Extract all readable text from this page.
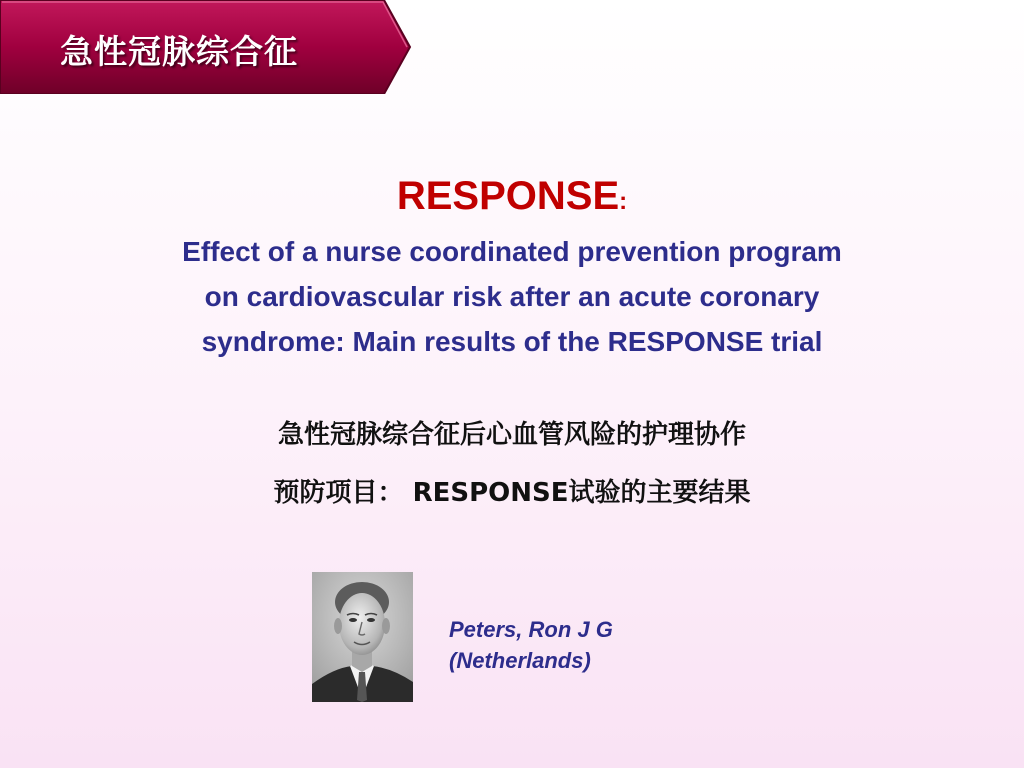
急性冠脉综合征
RESPONSE:
Effect of a nurse coordinated prevention program
on cardiovascular risk after an acute coronary
syndrome: Main results of the RESPONSE trial
急性冠脉综合征后心血管风险的护理协作
预防项目： RESPONSE试验的主要结果
Peters, Ron J G
(Netherlands)
